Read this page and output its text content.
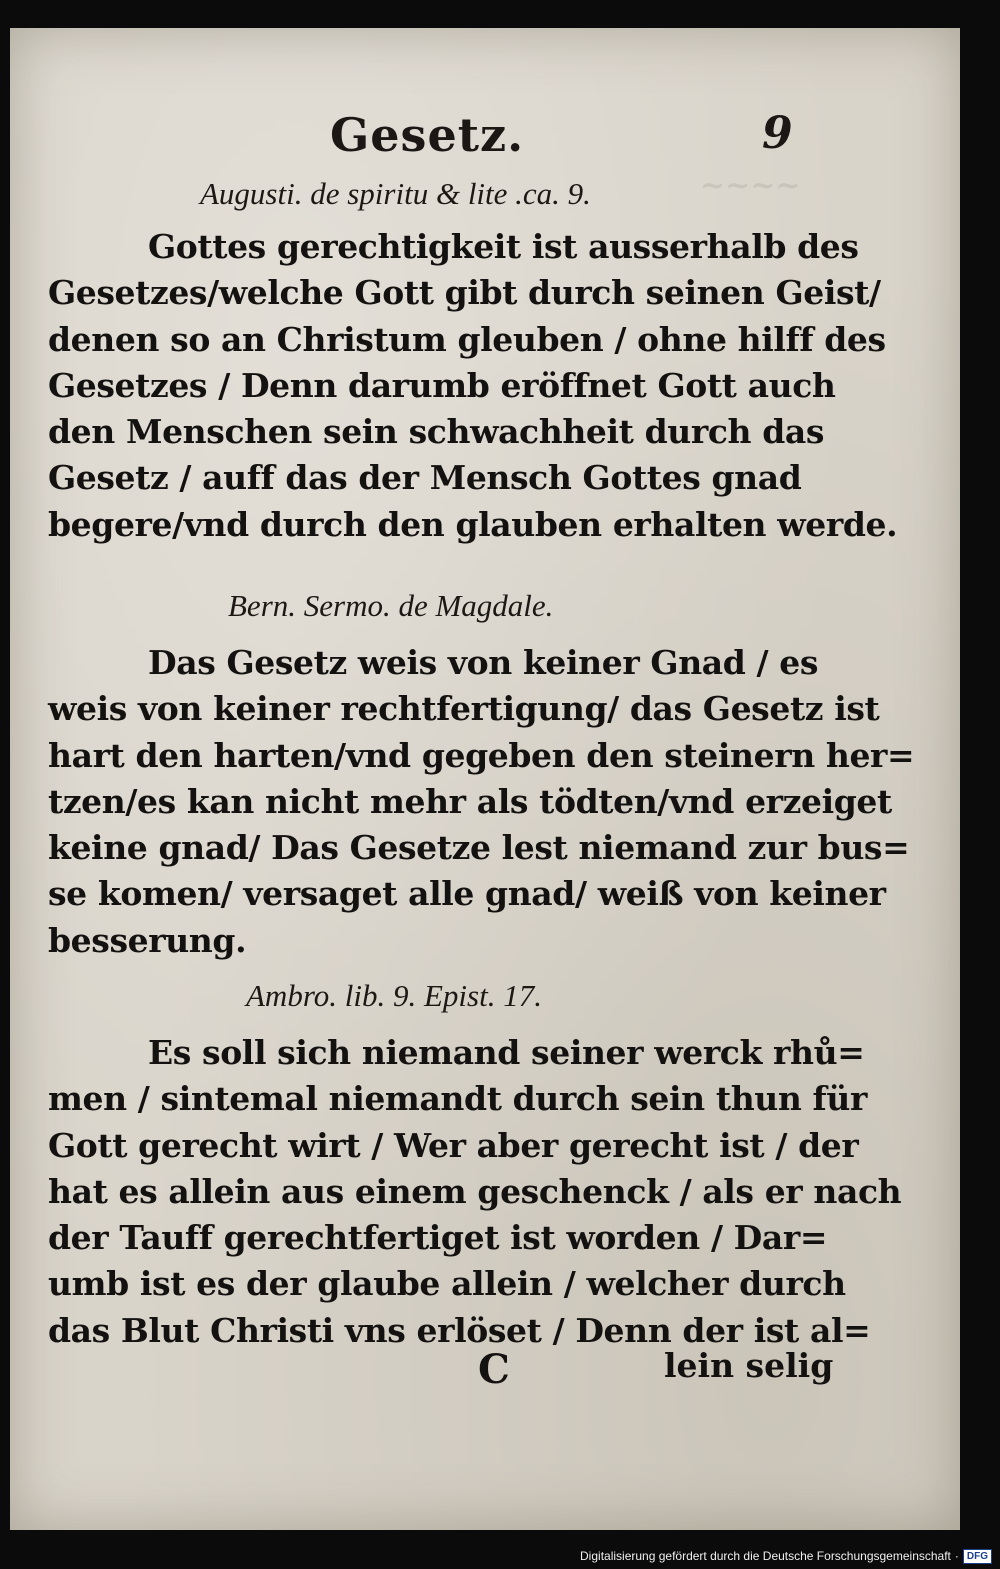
~~~~
Gesetz.	9
Augusti. de spiritu & lite .ca. 9.
Gottes gerechtigkeit ist ausserhalb des
Gesetzes/welche Gott gibt durch seinen Geist/
denen so an Christum gleuben / ohne hilff des
Gesetzes / Denn darumb eröffnet Gott auch
den Menschen sein schwachheit durch das
Gesetz / auff das der Mensch Gottes gnad
begere/vnd durch den glauben erhalten werde.
Bern. Sermo. de Magdale.
Das Gesetz weis von keiner Gnad / es
weis von keiner rechtfertigung/ das Gesetz ist
hart den harten/vnd gegeben den steinern her=
tzen/es kan nicht mehr als tödten/vnd erzeiget
keine gnad/ Das Gesetze lest niemand zur bus=
se komen/ versaget alle gnad/ weiß von keiner
besserung.
Ambro. lib. 9. Epist. 17.
Es soll sich niemand seiner werck rhů=
men / sintemal niemandt durch sein thun für
Gott gerecht wirt / Wer aber gerecht ist / der
hat es allein aus einem geschenck / als er nach
der Tauff gerechtfertiget ist worden / Dar=
umb ist es der glaube allein / welcher durch
das Blut Christi vns erlöset / Denn der ist al=
C	lein selig
Digitalisierung gefördert durch die Deutsche Forschungsgemeinschaft · DFG
